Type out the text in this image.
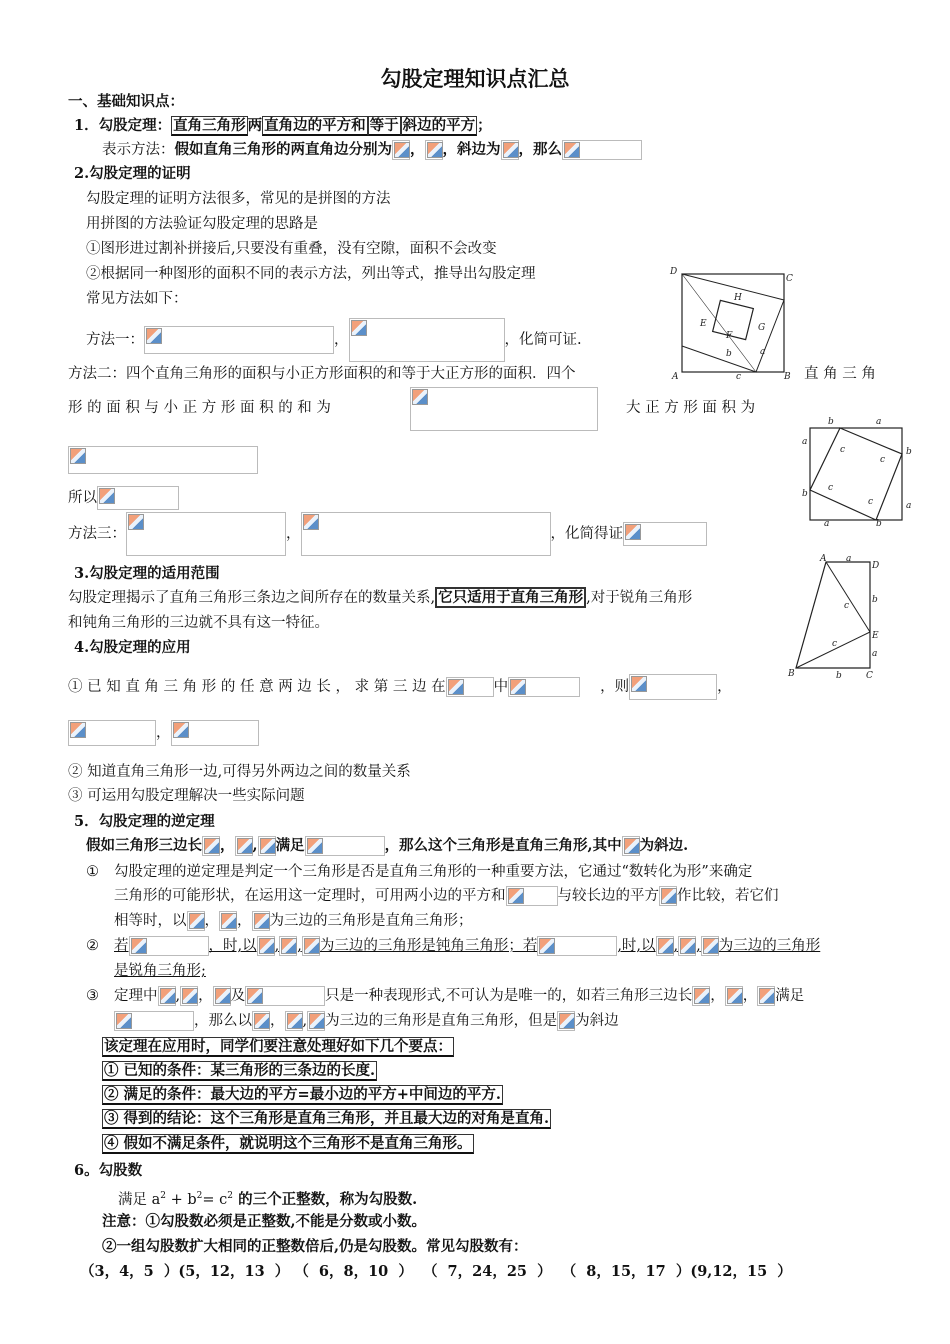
勾股定理知识点汇总
一、基础知识点：
1．勾股定理： 直角三角形 两 直角边的平方和 等于 斜边的平方 ；
表示方法：假如直角三角形的两直角边分别为 ， ，斜边为 ，那么
2.勾股定理的证明
勾股定理的证明方法很多，常见的是拼图的方法
用拼图的方法验证勾股定理的思路是
①图形进过割补拼接后,只要没有重叠，没有空隙，面积不会改变
②根据同一种图形的面积不同的表示方法，列出等式，推导出勾股定理
常见方法如下：
方法一：	，	，化简可证.
方法二：四个直角三角形的面积与小正方形面积的和等于大正方形的面积．四个	直 角 三 角
形 的 面 积 与 小 正 方 形 面 积 的 和 为	大 正 方 形 面 积 为
所以
方法三：	，	，化简得证
3.勾股定理的适用范围
勾股定理揭示了直角三角形三条边之间所存在的数量关系, 它只适用于直角三角形 ,对于锐角三角形
和钝角三角形的三边就不具有这一特征。
4.勾股定理的应用
① 已 知 直 角 三 角 形 的 任 意 两 边 长 ， 求 第 三 边 在	中	，则	，
，
② 知道直角三角形一边,可得另外两边之间的数量关系
③ 可运用勾股定理解决一些实际问题
5．勾股定理的逆定理
假如三角形三边长 ， , 满足	，那么这个三角形是直角三角形,其中 为斜边.
① 勾股定理的逆定理是判定一个三角形是否是直角三角形的一种重要方法，它通过“数转化为形”来确定
三角形的可能形状，在运用这一定理时，可用两小边的平方和	与较长边的平方 作比较，若它们
相等时，以 ， ， 为三边的三角形是直角三角形；
② 若	，时,以 , , 为三边的三角形是钝角三角形；若	,时,以 , , 为三边的三角形
是锐角三角形;
③ 定理中 , ， 及	只是一种表现形式,不可认为是唯一的，如若三角形三边长 ， ， 满足
，那么以 ， , 为三边的三角形是直角三角形，但是 为斜边
该定理在应用时，同学们要注意处理好如下几个要点：
① 已知的条件：某三角形的三条边的长度.
② 满足的条件：最大边的平方=最小边的平方+中间边的平方.
③ 得到的结论：这个三角形是直角三角形，并且最大边的对角是直角.
④ 假如不满足条件，就说明这个三角形不是直角三角形。
6。勾股数
满足 $a^2 + b^2= c^2$ 的三个正整数，称为勾股数.
注意：①勾股数必须是正整数,不能是分数或小数。
②一组勾股数扩大相同的正整数倍后,仍是勾股数。常见勾股数有：
（3，4，5  ）(5，12，13  ） （  6，8，10  ）  （  7，24，25  ）  （  8，15，17  ）(9,12，15  ）
D
C
A	B
H
E
F
G
b	a
c
b	a
a
b
b
a
a	b
c
c
c
c
A
D
a
b
c
E
a
c
B	b	C
